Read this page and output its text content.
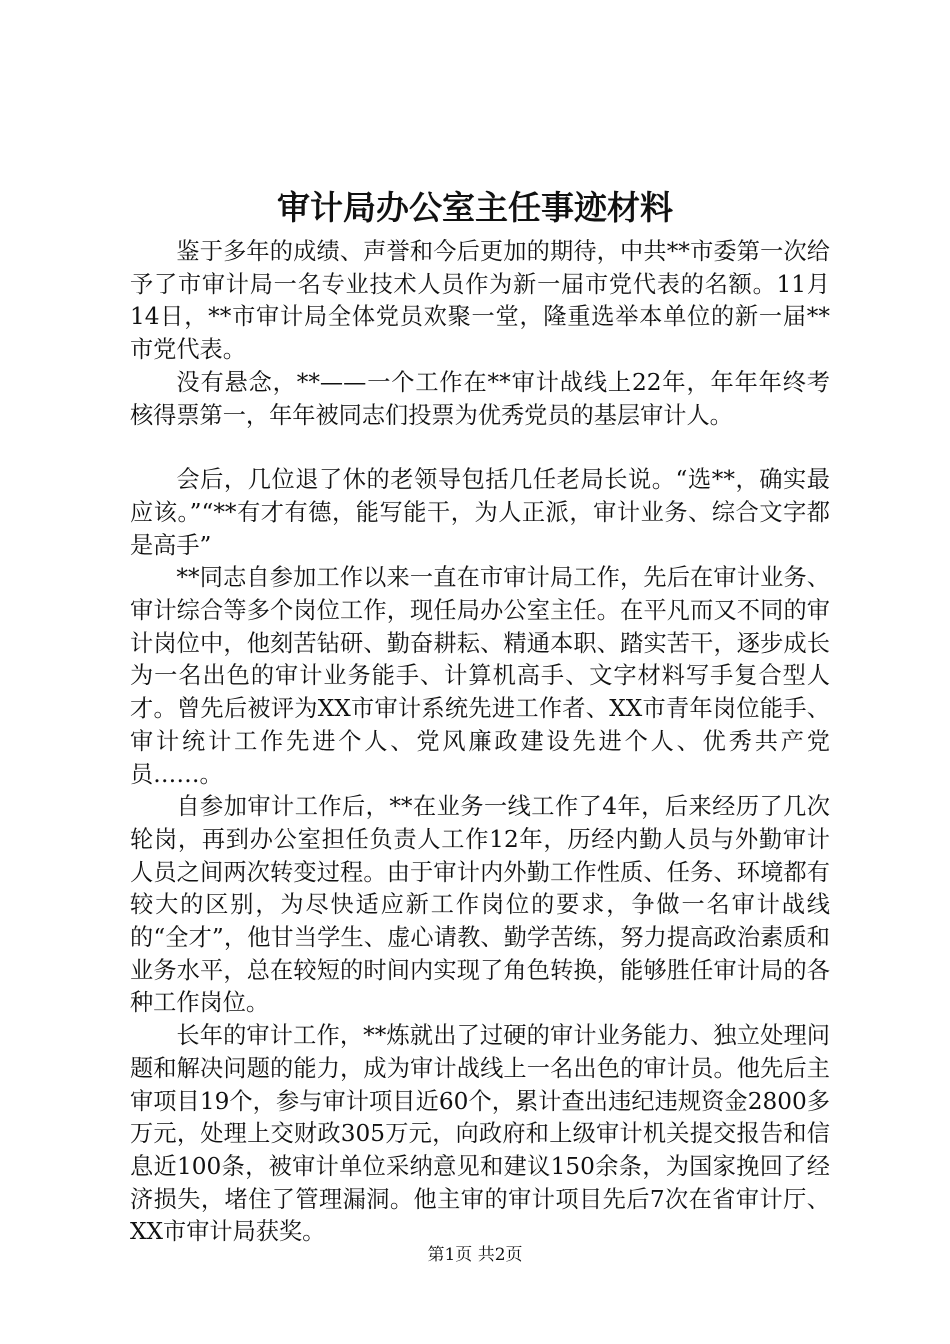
审计局办公室主任事迹材料

鉴于多年的成绩、声誉和今后更加的期待，中共**市委第一次给予了市审计局一名专业技术人员作为新一届市党代表的名额。11月14日，**市审计局全体党员欢聚一堂，隆重选举本单位的新一届**市党代表。

没有悬念，**——一个工作在**审计战线上22年，年年年终考核得票第一，年年被同志们投票为优秀党员的基层审计人。

会后，几位退了休的老领导包括几任老局长说。“选**，确实最应该。”“**有才有德，能写能干，为人正派，审计业务、综合文字都是高手”

**同志自参加工作以来一直在市审计局工作，先后在审计业务、审计综合等多个岗位工作，现任局办公室主任。在平凡而又不同的审计岗位中，他刻苦钻研、勤奋耕耘、精通本职、踏实苦干，逐步成长为一名出色的审计业务能手、计算机高手、文字材料写手复合型人才。曾先后被评为XX市审计系统先进工作者、XX市青年岗位能手、审计统计工作先进个人、党风廉政建设先进个人、优秀共产党员……。

自参加审计工作后，**在业务一线工作了4年，后来经历了几次轮岗，再到办公室担任负责人工作12年，历经内勤人员与外勤审计人员之间两次转变过程。由于审计内外勤工作性质、任务、环境都有较大的区别，为尽快适应新工作岗位的要求，争做一名审计战线的“全才”，他甘当学生、虚心请教、勤学苦练，努力提高政治素质和业务水平，总在较短的时间内实现了角色转换，能够胜任审计局的各种工作岗位。

长年的审计工作，**炼就出了过硬的审计业务能力、独立处理问题和解决问题的能力，成为审计战线上一名出色的审计员。他先后主审项目19个，参与审计项目近60个，累计查出违纪违规资金2800多万元，处理上交财政305万元，向政府和上级审计机关提交报告和信息近100条，被审计单位采纳意见和建议150余条，为国家挽回了经济损失，堵住了管理漏洞。他主审的审计项目先后7次在省审计厅、XX市审计局获奖。

第1页 共2页
